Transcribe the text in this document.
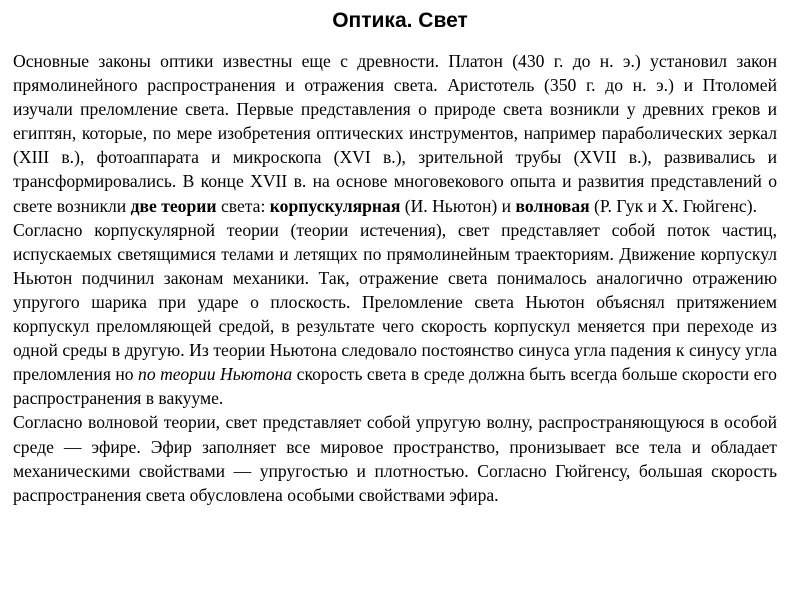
Оптика. Свет

Основные законы оптики известны еще с древности. Платон (430 г. до н. э.) установил закон прямолинейного распространения и отражения света. Аристотель (350 г. до н. э.) и Птоломей изучали преломление света. Первые представления о природе света возникли у древних греков и египтян, которые, по мере изобретения оптических инструментов, например параболических зеркал (XIII в.), фотоаппарата и микроскопа (XVI в.), зрительной трубы (XVII в.), развивались и трансформировались. В конце XVII в. на основе многовекового опыта и развития представлений о свете возникли две теории света: корпускулярная (И. Ньютон) и волновая (Р. Гук и Х. Гюйгенс).

Согласно корпускулярной теории (теории истечения), свет представляет собой поток частиц, испускаемых светящимися телами и летящих по прямолинейным траекториям. Движение корпускул Ньютон подчинил законам механики. Так, отражение света понималось аналогично отражению упругого шарика при ударе о плоскость. Преломление света Ньютон объяснял притяжением корпускул преломляющей средой, в результате чего скорость корпускул меняется при переходе из одной среды в другую. Из теории Ньютона следовало постоянство синуса угла падения к синусу угла преломления но по теории Ньютона скорость света в среде должна быть всегда больше скорости его распространения в вакууме.

Согласно волновой теории, свет представляет собой упругую волну, распространяющуюся в особой среде — эфире. Эфир заполняет все мировое пространство, пронизывает все тела и обладает механическими свойствами — упругостью и плотностью. Согласно Гюйгенсу, большая скорость распространения света обусловлена особыми свойствами эфира.
